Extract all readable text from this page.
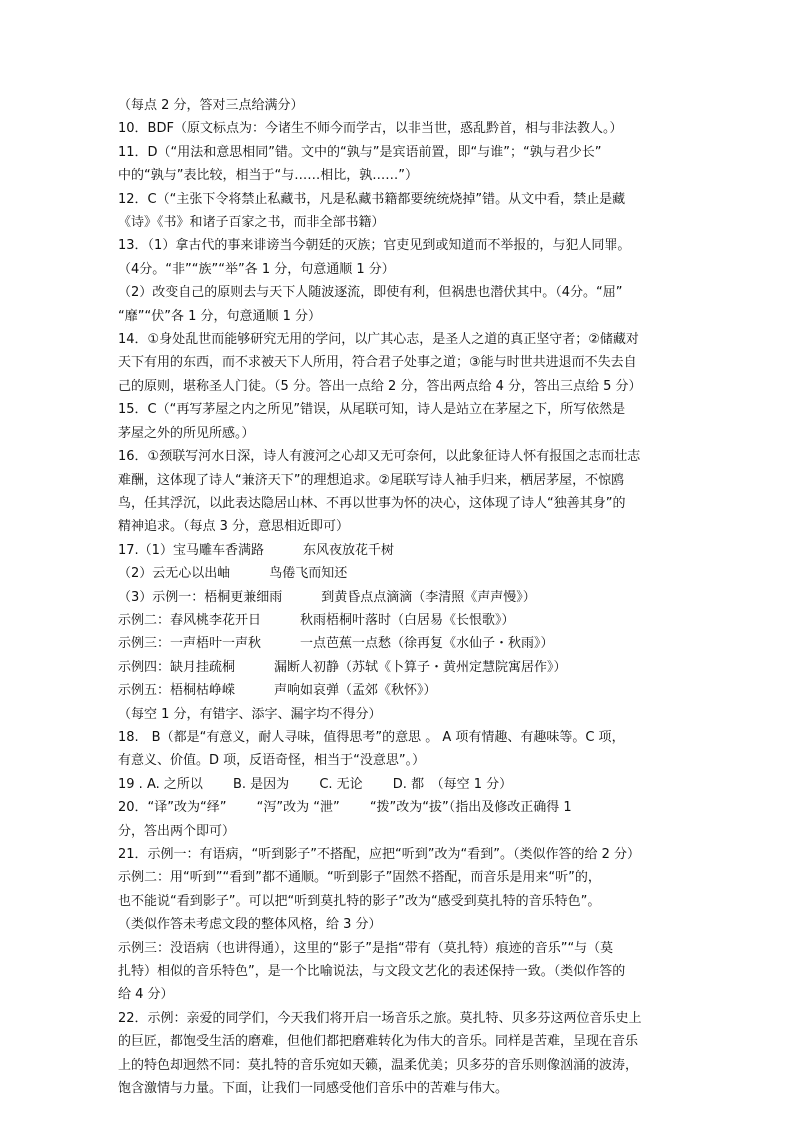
（每点 2 分，答对三点给满分）

10．BDF（原文标点为：今诸生不师今而学古，以非当世，惑乱黔首，相与非法教人。）

11．D（“用法和意思相同”错。文中的“孰与”是宾语前置，即“与谁”；“孰与君少长”

中的“孰与”表比较，相当于“与……相比，孰……”）

12．C（“主张下令将禁止私藏书，凡是私藏书籍都要统统烧掉”错。从文中看，禁止是藏

《诗》《书》和诸子百家之书，而非全部书籍）

13．（1）拿古代的事来诽谤当今朝廷的灭族；官吏见到或知道而不举报的，与犯人同罪。

（4分。“非”“族”“举”各 1 分，句意通顺 1 分）

（2）改变自己的原则去与天下人随波逐流，即使有利，但祸患也潜伏其中。（4分。“屈”

“靡”“伏”各 1 分，句意通顺 1 分）

14．①身处乱世而能够研究无用的学问，以广其心志，是圣人之道的真正坚守者；②储藏对

天下有用的东西，而不求被天下人所用，符合君子处事之道；③能与时世共进退而不失去自

己的原则，堪称圣人门徒。（5 分。答出一点给 2 分，答出两点给 4 分，答出三点给 5 分）

15．C（“再写茅屋之内之所见”错误，从尾联可知，诗人是站立在茅屋之下，所写依然是

茅屋之外的所见所感。）

16．①颈联写河水日深，诗人有渡河之心却又无可奈何，以此象征诗人怀有报国之志而壮志

难酬，这体现了诗人“兼济天下”的理想追求。②尾联写诗人袖手归来，栖居茅屋，不惊鸥

鸟，任其浮沉，以此表达隐居山林、不再以世事为怀的决心，这体现了诗人“独善其身”的

精神追求。（每点 3 分，意思相近即可）

17.（1）宝马雕车香满路　　　东风夜放花千树

（2）云无心以出岫　　　鸟倦飞而知还

（3）示例一：梧桐更兼细雨　　　到黄昏点点滴滴（李清照《声声慢》）

示例二：春风桃李花开日　　　秋雨梧桐叶落时（白居易《长恨歌》）

示例三：一声梧叶一声秋　　　一点芭蕉一点愁（徐再复《水仙子・秋雨》）

示例四：缺月挂疏桐　　　漏断人初静（苏轼《卜算子・黄州定慧院寓居作》）

示例五：梧桐枯峥嵘　　　声响如哀弹（孟郊《秋怀》）

（每空 1 分，有错字、添字、漏字均不得分）

18.　B（都是“有意义，耐人寻味，值得思考”的意思 。 A 项有情趣、有趣味等。C 项，

有意义、价值。D 项，反语奇怪，相当于“没意思”。）

19 . A. 之所以　　 B. 是因为　　 C. 无论　　 D. 都　（每空 1 分）

20．“译”改为“绎”　　 “泻”改为 “泄”　　 “拨”改为“拔”（指出及修改正确得 1

分，答出两个即可）

21．示例一：有语病，“听到影子”不搭配，应把“听到”改为“看到”。（类似作答的给 2 分）

示例二：用“听到”“看到”都不通顺。“听到影子”固然不搭配，而音乐是用来“听”的，

也不能说“看到影子”。可以把“听到莫扎特的影子”改为“感受到莫扎特的音乐特色”。

（类似作答未考虑文段的整体风格，给 3 分）

示例三：没语病（也讲得通），这里的“影子”是指“带有（莫扎特）痕迹的音乐”“与（莫

扎特）相似的音乐特色”，是一个比喻说法，与文段文艺化的表述保持一致。（类似作答的

给 4 分）

22．示例：亲爱的同学们，今天我们将开启一场音乐之旅。莫扎特、贝多芬这两位音乐史上

的巨匠，都饱受生活的磨难，但他们都把磨难转化为伟大的音乐。同样是苦难，呈现在音乐

上的特色却迥然不同：莫扎特的音乐宛如天籁，温柔优美；贝多芬的音乐则像汹涌的波涛，

饱含激情与力量。下面，让我们一同感受他们音乐中的苦难与伟大。
